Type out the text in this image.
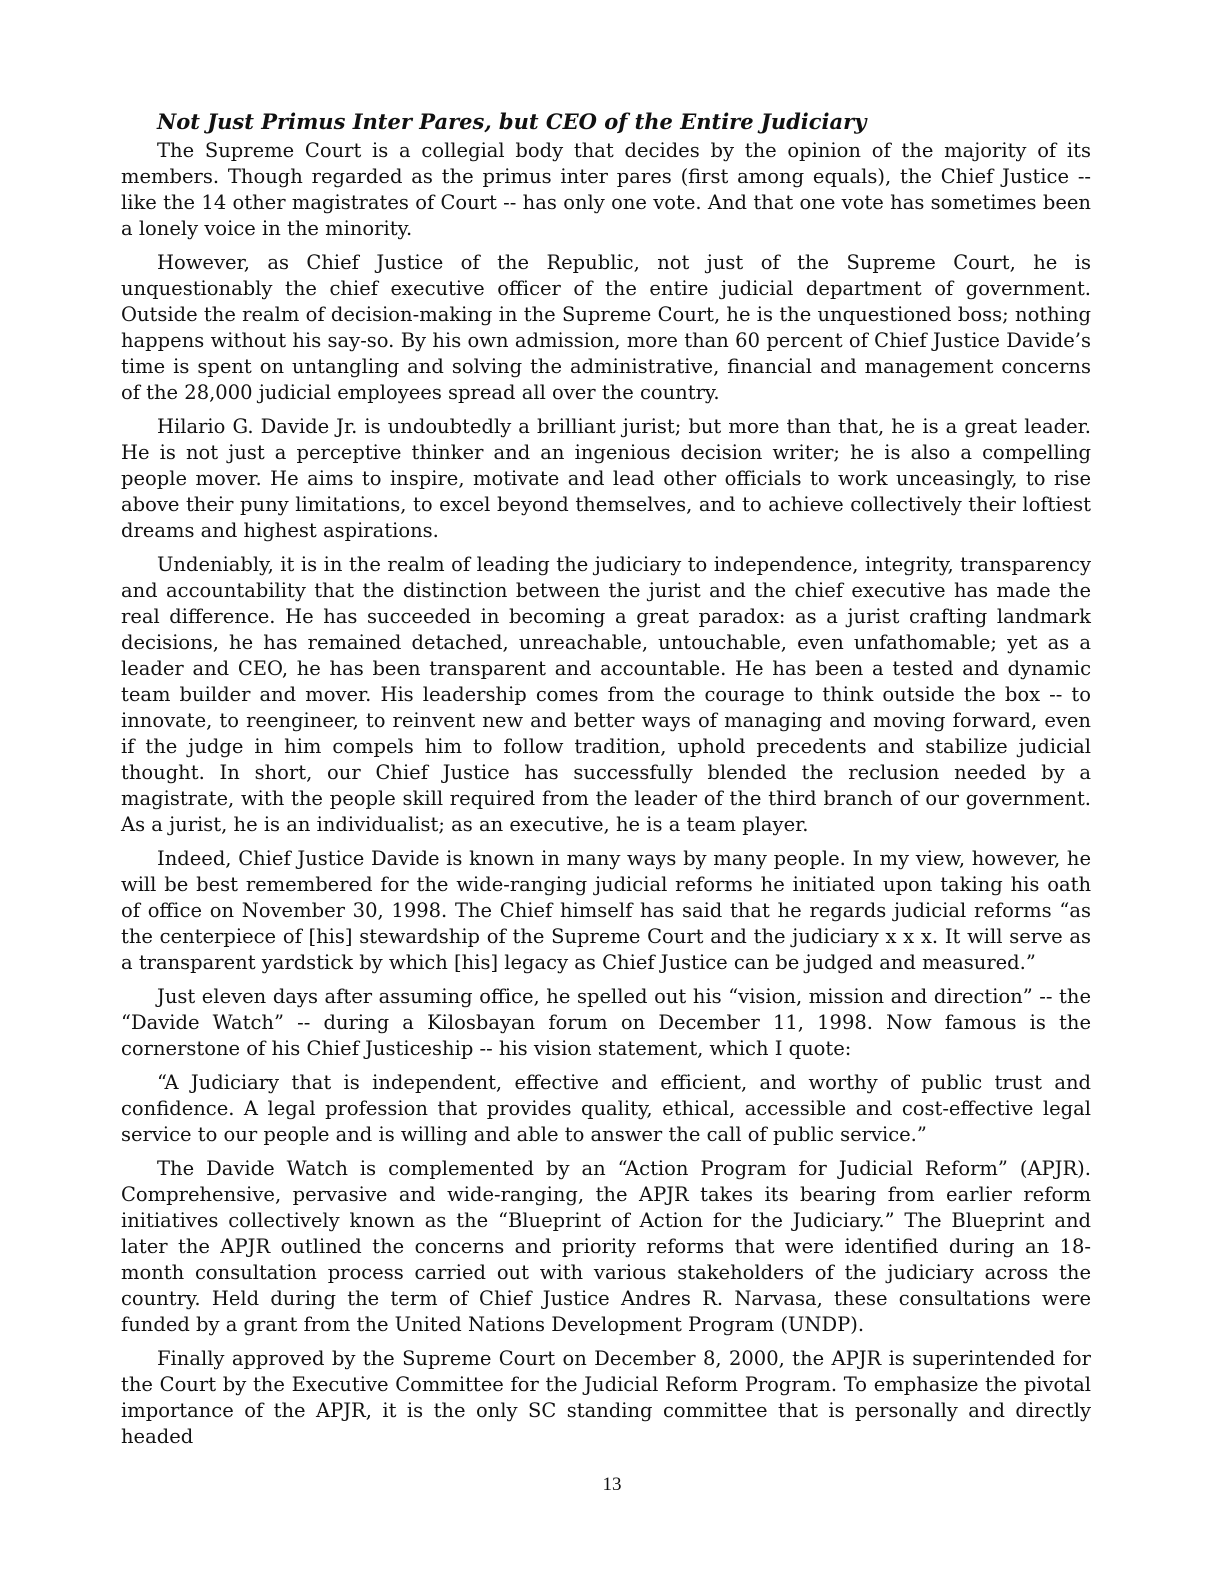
Not Just Primus Inter Pares, but CEO of the Entire Judiciary

The Supreme Court is a collegial body that decides by the opinion of the majority of its members. Though regarded as the primus inter pares (first among equals), the Chief Justice -- like the 14 other magistrates of Court -- has only one vote. And that one vote has sometimes been a lonely voice in the minority.

However, as Chief Justice of the Republic, not just of the Supreme Court, he is unquestionably the chief executive officer of the entire judicial department of government. Outside the realm of decision-making in the Supreme Court, he is the unquestioned boss; nothing happens without his say-so. By his own admission, more than 60 percent of Chief Justice Davide’s time is spent on untangling and solving the administrative, financial and management concerns of the 28,000 judicial employees spread all over the country.

Hilario G. Davide Jr. is undoubtedly a brilliant jurist; but more than that, he is a great leader. He is not just a perceptive thinker and an ingenious decision writer; he is also a compelling people mover. He aims to inspire, motivate and lead other officials to work unceasingly, to rise above their puny limitations, to excel beyond themselves, and to achieve collectively their loftiest dreams and highest aspirations.

Undeniably, it is in the realm of leading the judiciary to independence, integrity, transparency and accountability that the distinction between the jurist and the chief executive has made the real difference. He has succeeded in becoming a great paradox: as a jurist crafting landmark decisions, he has remained detached, unreachable, untouchable, even unfathomable; yet as a leader and CEO, he has been transparent and accountable. He has been a tested and dynamic team builder and mover. His leadership comes from the courage to think outside the box -- to innovate, to reengineer, to reinvent new and better ways of managing and moving forward, even if the judge in him compels him to follow tradition, uphold precedents and stabilize judicial thought. In short, our Chief Justice has successfully blended the reclusion needed by a magistrate, with the people skill required from the leader of the third branch of our government. As a jurist, he is an individualist; as an executive, he is a team player.

Indeed, Chief Justice Davide is known in many ways by many people. In my view, however, he will be best remembered for the wide-ranging judicial reforms he initiated upon taking his oath of office on November 30, 1998. The Chief himself has said that he regards judicial reforms “as the centerpiece of [his] stewardship of the Supreme Court and the judiciary x x x. It will serve as a transparent yardstick by which [his] legacy as Chief Justice can be judged and measured.”

Just eleven days after assuming office, he spelled out his “vision, mission and direction” -- the “Davide Watch” -- during a Kilosbayan forum on December 11, 1998. Now famous is the cornerstone of his Chief Justiceship -- his vision statement, which I quote:

“A Judiciary that is independent, effective and efficient, and worthy of public trust and confidence. A legal profession that provides quality, ethical, accessible and cost-effective legal service to our people and is willing and able to answer the call of public service.”

The Davide Watch is complemented by an “Action Program for Judicial Reform” (APJR). Comprehensive, pervasive and wide-ranging, the APJR takes its bearing from earlier reform initiatives collectively known as the “Blueprint of Action for the Judiciary.” The Blueprint and later the APJR outlined the concerns and priority reforms that were identified during an 18-month consultation process carried out with various stakeholders of the judiciary across the country. Held during the term of Chief Justice Andres R. Narvasa, these consultations were funded by a grant from the United Nations Development Program (UNDP).

Finally approved by the Supreme Court on December 8, 2000, the APJR is superintended for the Court by the Executive Committee for the Judicial Reform Program. To emphasize the pivotal importance of the APJR, it is the only SC standing committee that is personally and directly headed

13
